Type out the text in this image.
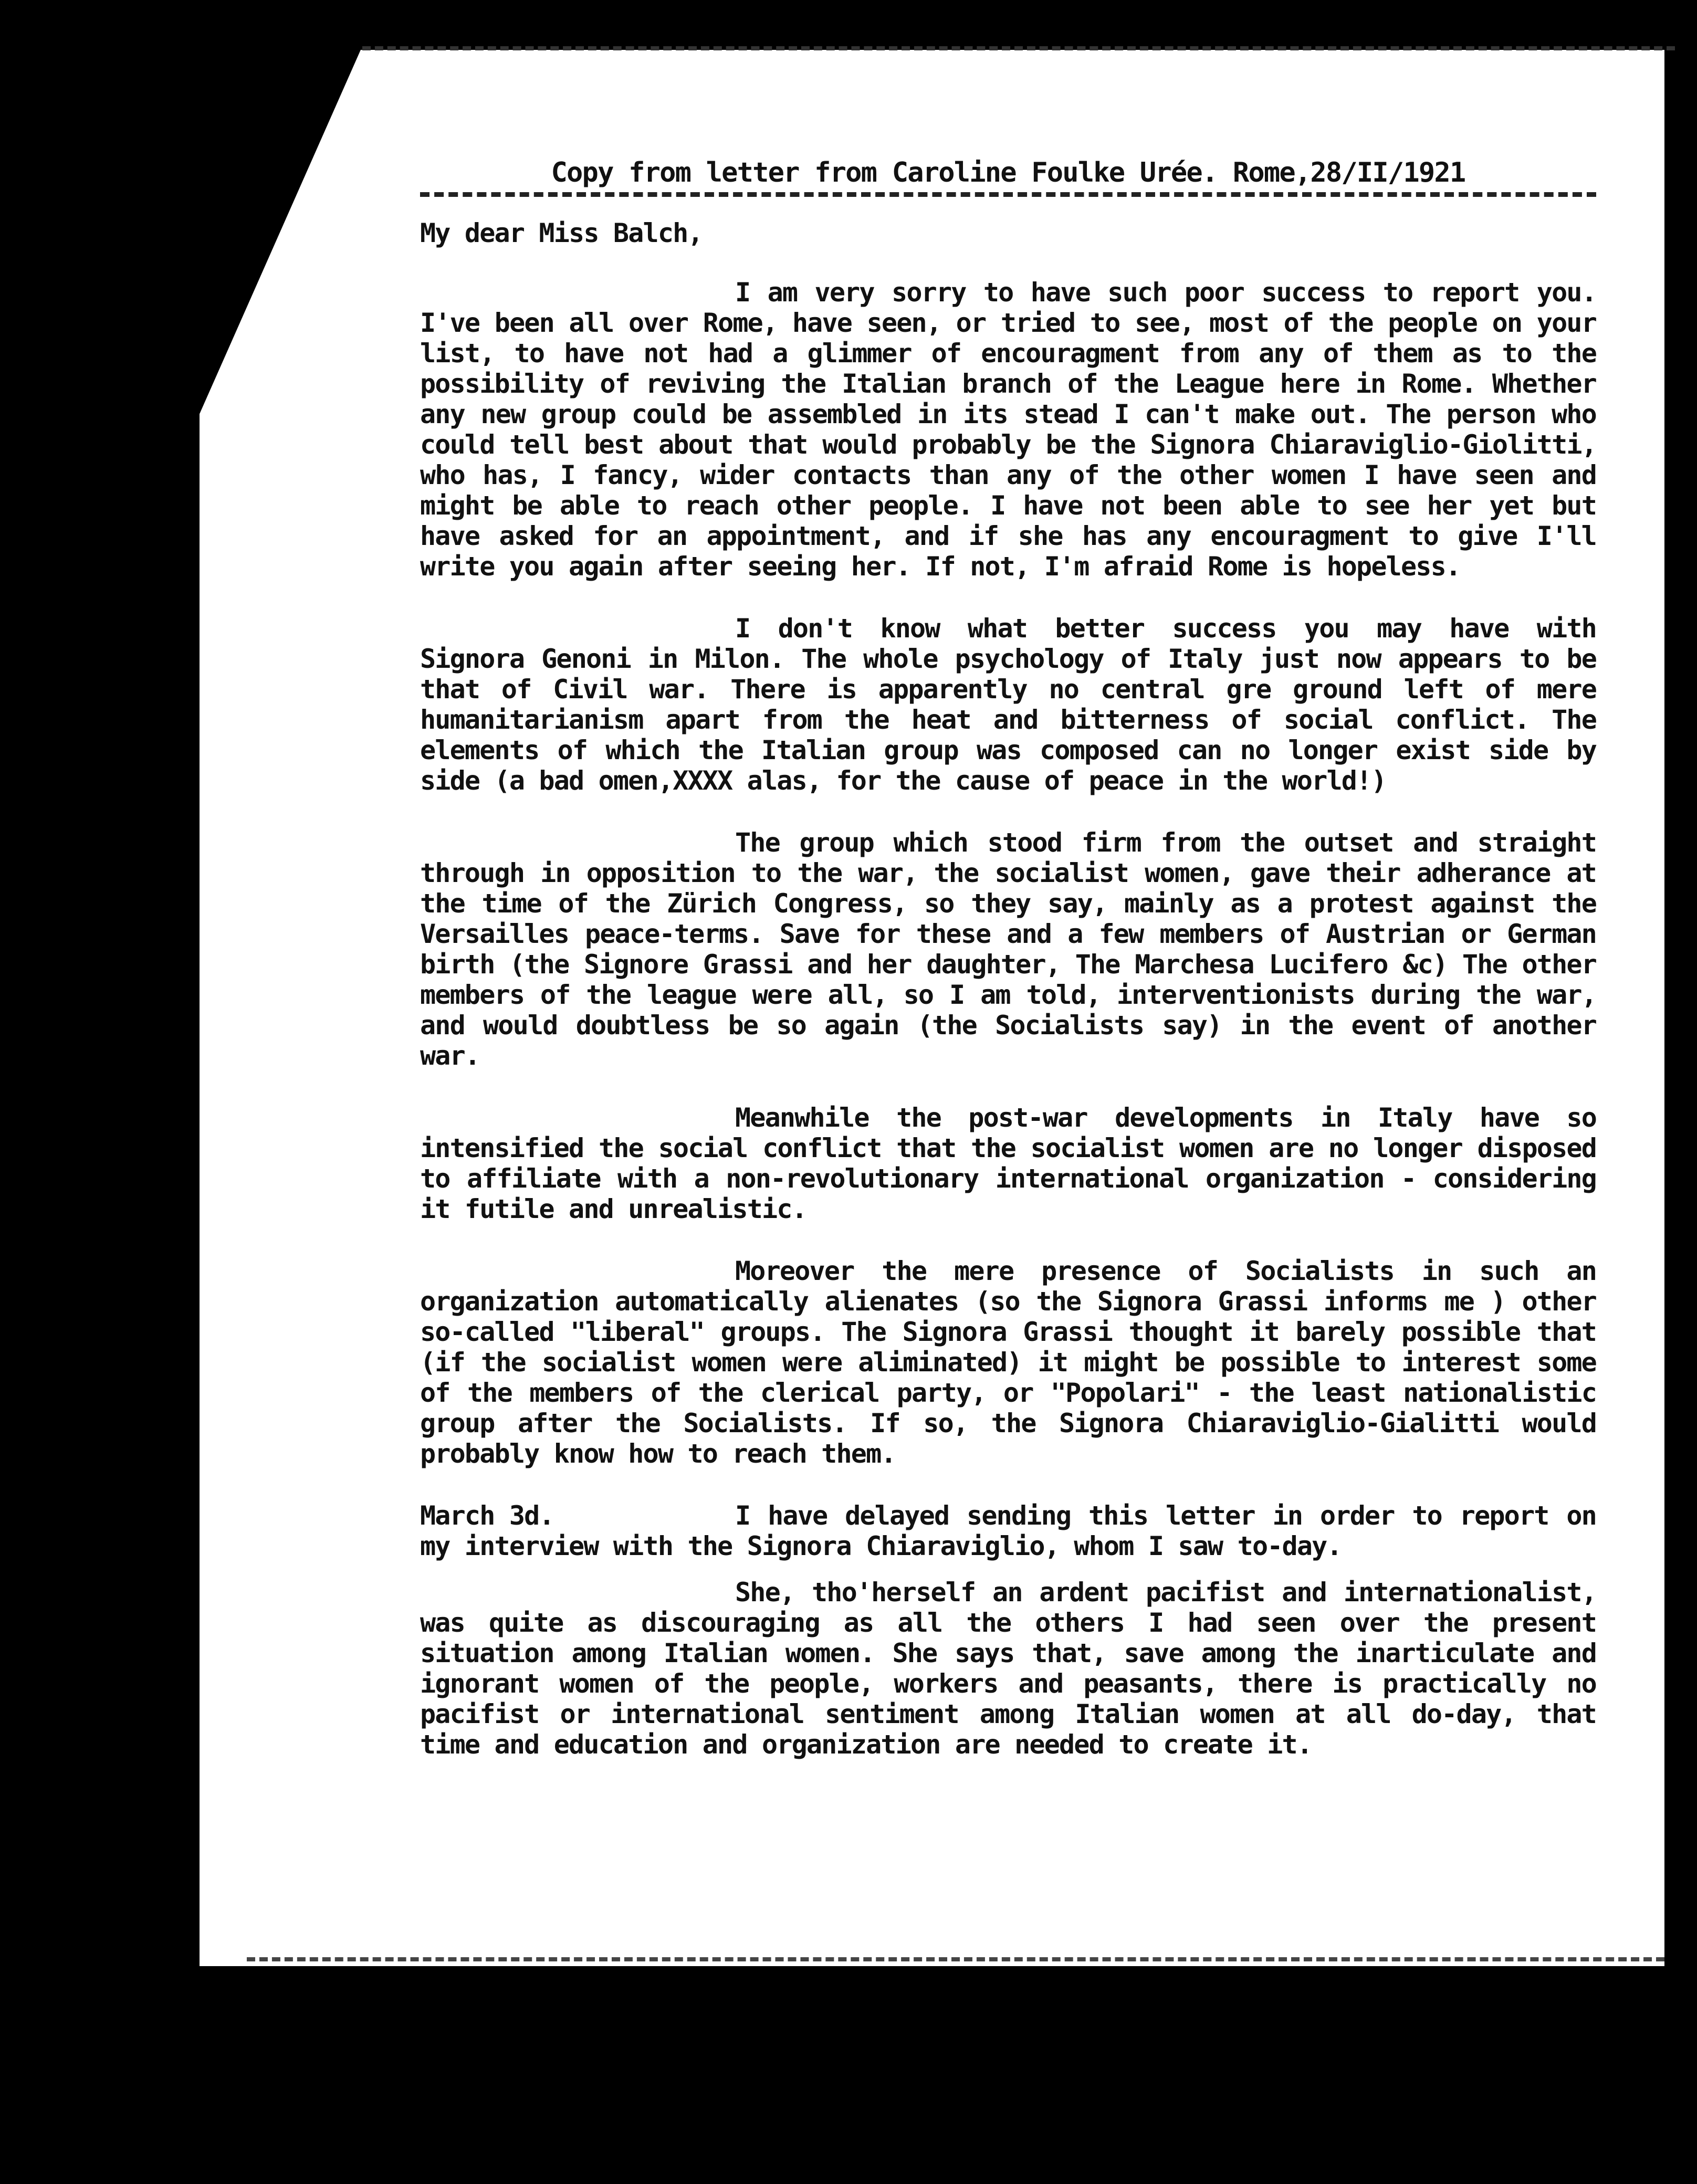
Copy from letter from Caroline Foulke Urée. Rome,28/II/1921
My dear Miss Balch,

I am very sorry to have such poor success to report you. I've been all over Rome, have seen, or tried to see, most of the people on your list, to have not had a glimmer of encouragment from any of them as to the possibility of reviving the Italian branch of the League here in Rome. Whether any new group could be assembled in its stead I can't make out. The person who could tell best about that would probably be the Signora Chiaraviglio-Giolitti, who has, I fancy, wider contacts than any of the other women I have seen and might be able to reach other people. I have not been able to see her yet but have asked for an appointment, and if she has any encouragment to give I'll write you again after seeing her. If not, I'm afraid Rome is hopeless.

I don't know what better success you may have with Signora Genoni in Milon. The whole psychology of Italy just now appears to be that of Civil war. There is apparently no central gre ground left of mere humanitarianism apart from the heat and bitterness of social conflict. The elements of which the Italian group was composed can no longer exist side by side (a bad omen,XXXX alas, for the cause of peace in the world!)

The group which stood firm from the outset and straight through in opposition to the war, the socialist women, gave their adherance at the time of the Zürich Congress, so they say, mainly as a protest against the Versailles peace-terms. Save for these and a few members of Austrian or German birth (the Signore Grassi and her daughter, The Marchesa Lucifero &c) The other members of the league were all, so I am told, interventionists during the war, and would doubtless be so again (the Socialists say) in the event of another war.

Meanwhile the post-war developments in Italy have so intensified the social conflict that the socialist women are no longer disposed to affiliate with a non-revolutionary international organization - considering it futile and unrealistic.

Moreover the mere presence of Socialists in such an organization automatically alienates (so the Signora Grassi informs me ) other so-called "liberal" groups. The Signora Grassi thought it barely possible that (if the socialist women were aliminated) it might be possible to interest some of the members of the clerical party, or "Popolari" - the least nationalistic group after the Socialists. If so, the Signora Chiaraviglio-Gialitti would probably know how to reach them.

March 3d.	I have delayed sending this letter in order to report on my interview with the Signora Chiaraviglio, whom I saw to-day.

She, tho'herself an ardent pacifist and internationalist, was quite as discouraging as all the others I had seen over the present situation among Italian women. She says that, save among the inarticulate and ignorant women of the people, workers and peasants, there is practically no pacifist or international sentiment among Italian women at all do-day, that time and education and organization are needed to create it.
